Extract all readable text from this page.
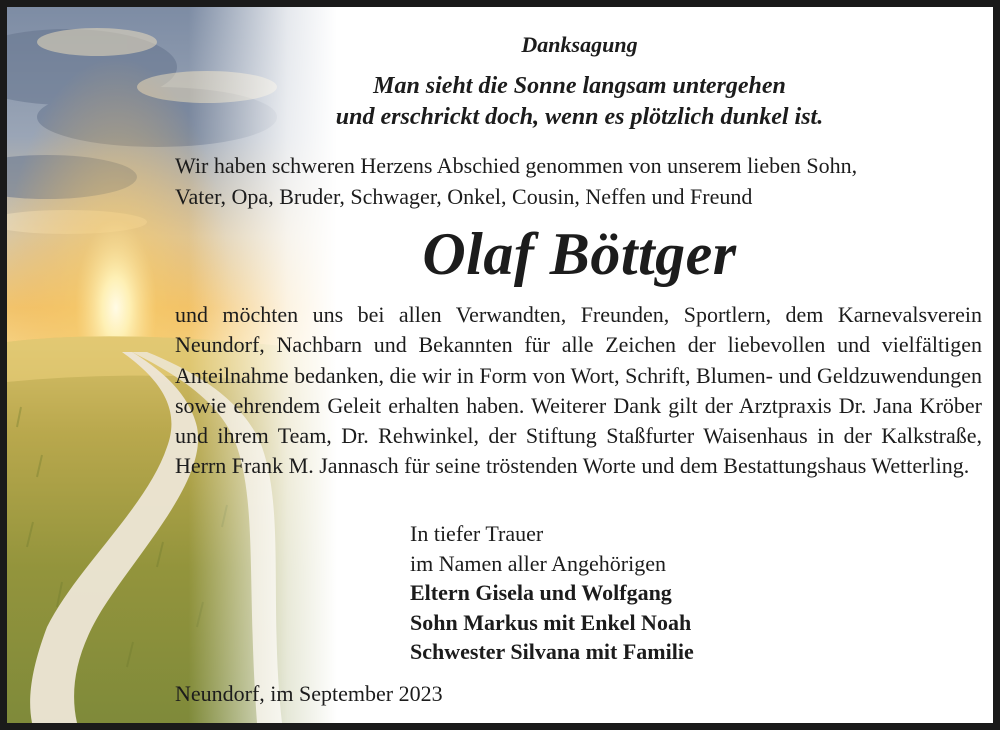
Danksagung
Man sieht die Sonne langsam untergehen
und erschrickt doch, wenn es plötzlich dunkel ist.
Wir haben schweren Herzens Abschied genommen von unserem lieben Sohn,
Vater, Opa, Bruder, Schwager, Onkel, Cousin, Neffen und Freund
Olaf Böttger
und möchten uns bei allen Verwandten, Freunden, Sportlern, dem Karnevalsverein Neundorf, Nachbarn und Bekannten für alle Zeichen der liebevollen und vielfältigen Anteilnahme bedanken, die wir in Form von Wort, Schrift, Blumen- und Geldzuwendungen sowie ehrendem Geleit erhalten haben. Weiterer Dank gilt der Arztpraxis Dr. Jana Kröber und ihrem Team, Dr. Rehwinkel, der Stiftung Staßfurter Waisenhaus in der Kalkstraße, Herrn Frank M. Jannasch für seine tröstenden Worte und dem Bestattungshaus Wetterling.
In tiefer Trauer
im Namen aller Angehörigen
Eltern Gisela und Wolfgang
Sohn Markus mit Enkel Noah
Schwester Silvana mit Familie
Neundorf, im September 2023
